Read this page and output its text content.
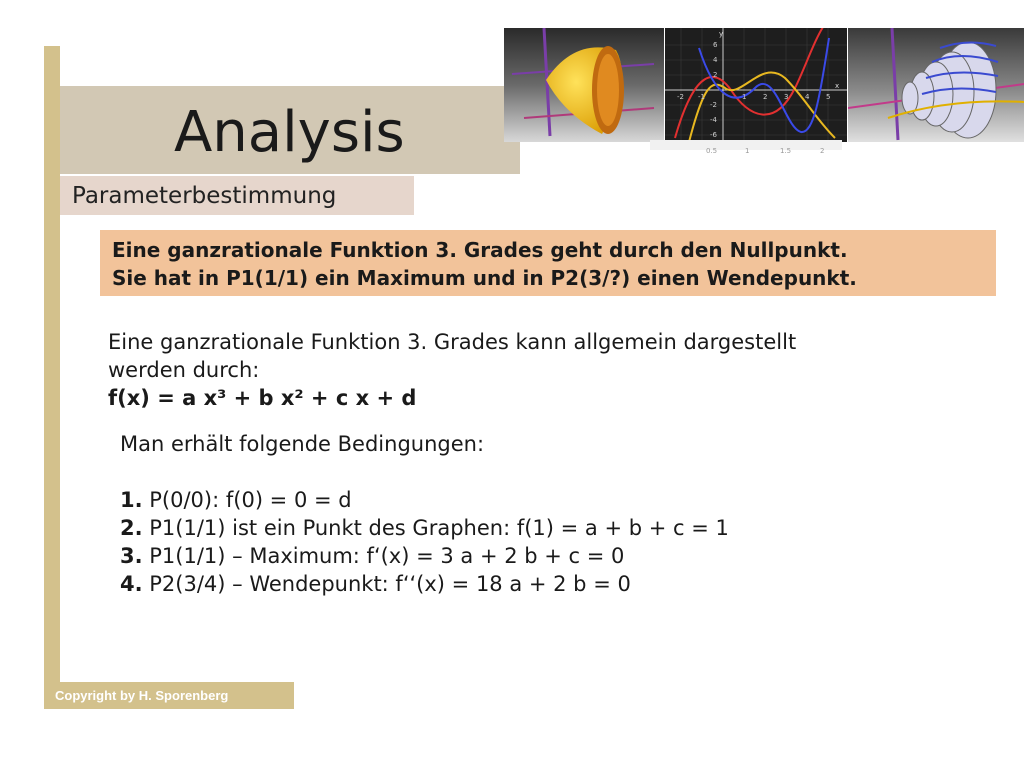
Analysis
Parameterbestimmung
y
x
6
4
2
-2
-4
-6
-2 -1	1 2 3 4 5
0.5	1	1.5	2
Eine ganzrationale Funktion 3. Grades geht durch den Nullpunkt.
Sie hat in P1(1/1) ein Maximum und in P2(3/?) einen Wendepunkt.
Eine ganzrationale Funktion 3. Grades kann allgemein dargestellt
werden durch:
f(x) = a x³ + b x² + c x + d
Man erhält folgende Bedingungen:
1. P(0/0): f(0) = 0 = d
2. P1(1/1) ist ein Punkt des Graphen: f(1) = a + b + c = 1
3. P1(1/1) – Maximum: f‘(x) = 3 a + 2 b + c = 0
4. P2(3/4) – Wendepunkt: f‘‘(x) = 18 a + 2 b = 0
Copyright by H. Sporenberg
